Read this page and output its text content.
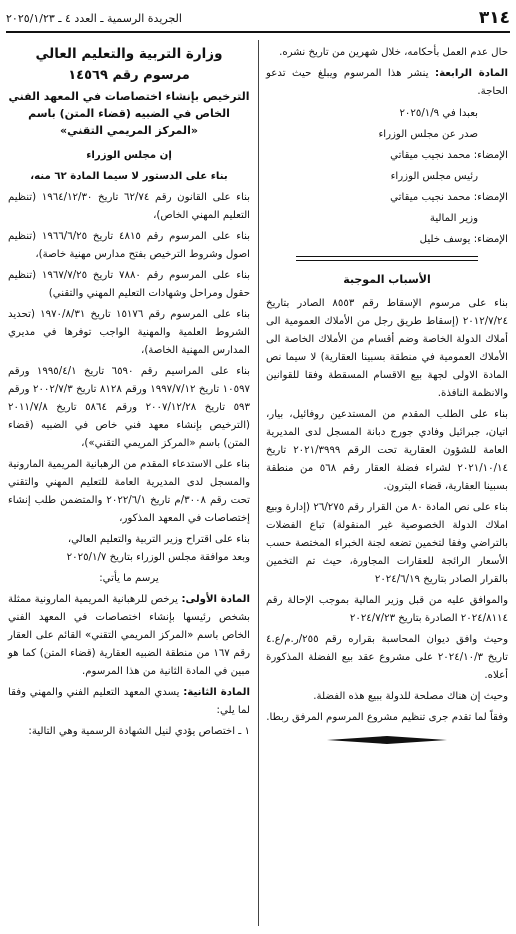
٣١٤
الجريدة الرسمية ـ العدد ٤ ـ ٢٠٢٥/١/٢٣

حال عدم العمل بأحكامه، خلال شهرين من تاريخ نشره.

المادة الرابعة: ينشر هذا المرسوم ويبلغ حيث تدعو الحاجة.

بعبدا في ٢٠٢٥/١/٩

صدر عن مجلس الوزراء

الإمضاء: محمد نجيب ميقاتي

رئيس مجلس الوزراء

الإمضاء: محمد نجيب ميقاتي

وزير المالية

الإمضاء: يوسف خليل

الأسباب الموجبة

بناء على مرسوم الإسقاط رقم ٨٥٥٣ الصادر بتاريخ ٢٠١٢/٧/٢٤ (إسقاط طريق رجل من الأملاك العمومية الى أملاك الدولة الخاصة وضم أقسام من الأملاك الخاصة الى الأملاك العمومية في منطقة بسبينا العقارية) لا سيما نص المادة الاولى لجهة بيع الاقسام المسقطة وفقا للقوانين والانظمة النافذة.

بناء على الطلب المقدم من المستدعين روفائيل، بيار، اتيان، جبرائيل وفادي جورج دبانة المسجل لدى المديرية العامة للشؤون العقارية تحت الرقم ٢٠٢١/٣٩٩٩ تاريخ ٢٠٢١/١٠/١٤ لشراء فضلة العقار رقم ٥٦٨ من منطقة بسبينا العقارية، قضاء البترون.

بناء على نص المادة ٨٠ من القرار رقم ٢٦/٢٧٥ (إدارة وبيع املاك الدولة الخصوصية غير المنقولة) تباع الفضلات بالتراضي وفقا لتخمين تضعه لجنة الخبراء المختصة حسب الأسعار الرائجة للعقارات المجاورة، حيث تم التخمين بالقرار الصادر بتاريخ ٢٠٢٤/٦/١٩

والموافق عليه من قبل وزير المالية بموجب الإحالة رقم ٢٠٢٤/٨١١٤ الصادرة بتاريخ ٢٠٢٤/٧/٢٣

وحيث وافق ديوان المحاسبة بقراره رقم ٢٥٥/ر.م/ع.٤ تاريخ ٢٠٢٤/١٠/٣ على مشروع عقد بيع الفضلة المذكورة أعلاه.

وحيث إن هناك مصلحة للدولة ببيع هذه الفضلة.

وفقاً لما تقدم جرى تنظيم مشروع المرسوم المرفق ربطا.

وزارة التربية والتعليم العالي
مرسوم رقم ١٤٥٦٩
الترخيص بإنشاء اختصاصات في المعهد الفني الخاص في الضبيه (قضاء المتن) باسم «المركز المريمي التقني»

إن مجلس الوزراء

بناء على الدستور لا سيما المادة ٦٢ منه،

بناء على القانون رقم ٦٢/٧٤ تاريخ ١٩٦٤/١٢/٣٠ (تنظيم التعليم المهني الخاص)،

بناء على المرسوم رقم ٤٨١٥ تاريخ ١٩٦٦/٦/٢٥ (تنظيم اصول وشروط الترخيص بفتح مدارس مهنية خاصة)،

بناء على المرسوم رقم ٧٨٨٠ تاريخ ١٩٦٧/٧/٢٥ (تنظيم حقول ومراحل وشهادات التعليم المهني والتقني)

بناء على المرسوم رقم ١٥١٧٦ تاريخ ١٩٧٠/٨/٣١ (تحديد الشروط العلمية والمهنية الواجب توفرها في مديري المدارس المهنية الخاصة)،

بناء على المراسيم رقم ٦٥٩٠ تاريخ ١٩٩٥/٤/١ ورقم ١٠٥٩٧ تاريخ ١٩٩٧/٧/١٢ ورقم ٨١٢٨ تاريخ ٢٠٠٢/٧/٣ ورقم ٥٩٣ تاريخ ٢٠٠٧/١٢/٢٨ ورقم ٥٨٦٤ تاريخ ٢٠١١/٧/٨ (الترخيص بإنشاء معهد فني خاص في الضبيه (قضاء المتن) باسم «المركز المريمي التقني»)،

بناء على الاستدعاء المقدم من الرهبانية المريمية المارونية والمسجل لدى المديرية العامة للتعليم المهني والتقني تحت رقم ٣٠٠٨/م تاريخ ٢٠٢٢/٦/١ والمتضمن طلب إنشاء إختصاصات في المعهد المذكور،

بناء على اقتراح وزير التربية والتعليم العالي،

وبعد موافقة مجلس الوزراء بتاريخ ٢٠٢٥/١/٧

يرسم ما يأتي:

المادة الأولى: يرخص للرهبانية المريمية المارونية ممثلة بشخص رئيسها بإنشاء اختصاصات في المعهد الفني الخاص باسم «المركز المريمي التقني» القائم على العقار رقم ١٦٧ من منطقة الضبيه العقارية (قضاء المتن) كما هو مبين في المادة الثانية من هذا المرسوم.

المادة الثانية: يسدي المعهد التعليم الفني والمهني وفقا لما يلي:

١ ـ اختصاص يؤدي لنيل الشهادة الرسمية وهي التالية:
